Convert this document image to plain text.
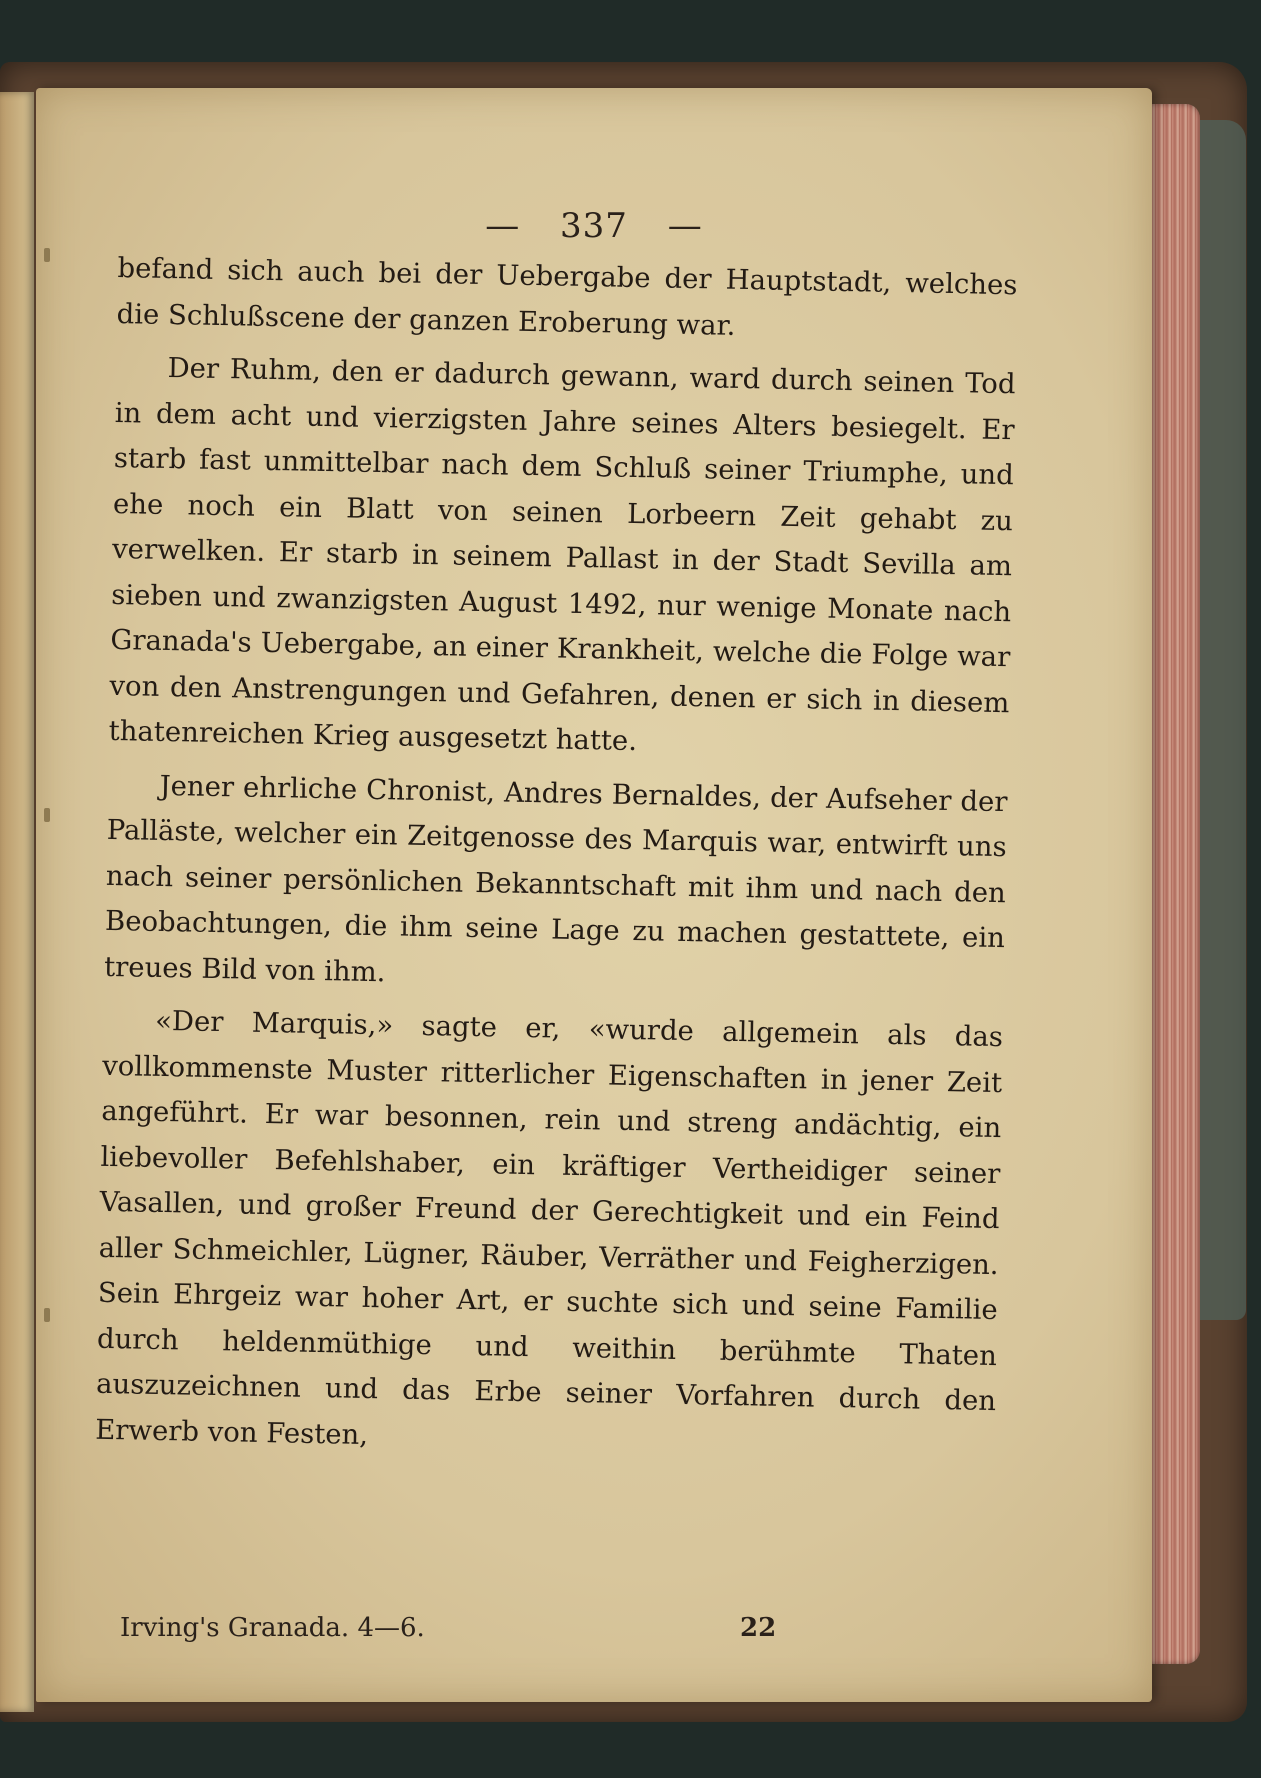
— 337 —

befand sich auch bei der Uebergabe der Hauptstadt, welches die Schlußscene der ganzen Eroberung war.

Der Ruhm, den er dadurch gewann, ward durch seinen Tod in dem acht und vierzigsten Jahre seines Alters besiegelt. Er starb fast unmittelbar nach dem Schluß seiner Triumphe, und ehe noch ein Blatt von seinen Lorbeern Zeit gehabt zu verwelken. Er starb in seinem Pallast in der Stadt Sevilla am sieben und zwanzigsten August 1492, nur wenige Monate nach Granada's Uebergabe, an einer Krankheit, welche die Folge war von den Anstrengungen und Gefahren, denen er sich in diesem thatenreichen Krieg ausgesetzt hatte.

Jener ehrliche Chronist, Andres Bernaldes, der Aufseher der Palläste, welcher ein Zeitgenosse des Marquis war, entwirft uns nach seiner persönlichen Bekanntschaft mit ihm und nach den Beobachtungen, die ihm seine Lage zu machen gestattete, ein treues Bild von ihm.

«Der Marquis,» sagte er, «wurde allgemein als das vollkommenste Muster ritterlicher Eigenschaften in jener Zeit angeführt. Er war besonnen, rein und streng andächtig, ein liebevoller Befehlshaber, ein kräftiger Vertheidiger seiner Vasallen, und großer Freund der Gerechtigkeit und ein Feind aller Schmeichler, Lügner, Räuber, Verräther und Feigherzigen. Sein Ehrgeiz war hoher Art, er suchte sich und seine Familie durch heldenmüthige und weithin berühmte Thaten auszuzeichnen und das Erbe seiner Vorfahren durch den Erwerb von Festen,

Irving's Granada. 4—6.	22
